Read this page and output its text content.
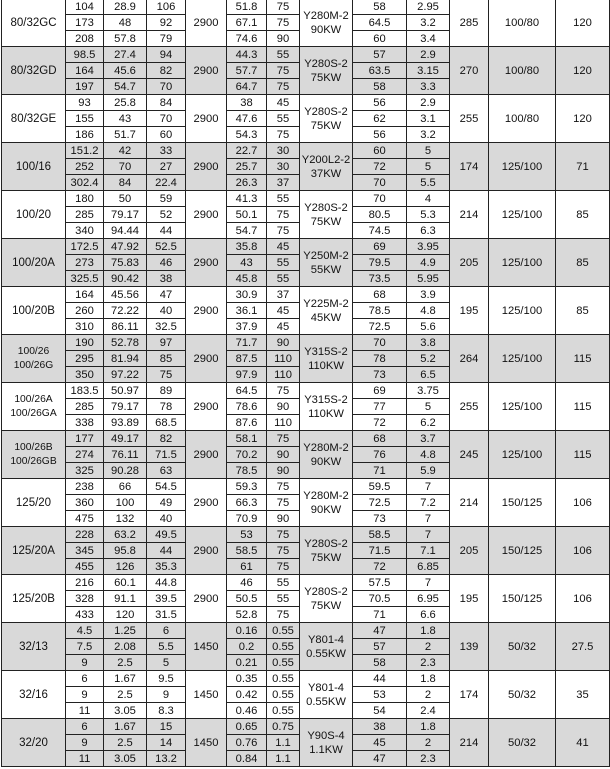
80/32GC	104	28.9	106	2900	51.8	75	Y280M-2 90KW	58	2.95	285	100/80	120
	173	48	92		67.1	75		64.5	3.2			
	208	57.8	79		74.6	90		60	3.4			
80/32GD	98.5	27.4	94	2900	44.3	55	Y280S-2 75KW	57	2.9	270	100/80	120
	164	45.6	82		57.7	75		63.5	3.15			
	197	54.7	70		64.7	75		58	3.3			
80/32GE	93	25.8	84	2900	38	45	Y280S-2 75KW	56	2.9	255	100/80	120
	155	43	70		47.6	55		62	3.1			
	186	51.7	60		54.3	75		56	3.2			
100/16	151.2	42	33	2900	22.7	30	Y200L2-2 37KW	60	5	174	125/100	71
	252	70	27		25.7	30		72	5			
	302.4	84	22.4		26.3	37		70	5.5			
100/20	180	50	59	2900	41.3	55	Y280S-2 75KW	70	4	214	125/100	85
	285	79.17	52		50.1	75		80.5	5.3			
	340	94.44	44		54.7	75		74.5	6.3			
100/20A	172.5	47.92	52.5	2900	35.8	45	Y250M-2 55KW	69	3.95	205	125/100	85
	273	75.83	46		43	55		79.5	4.9			
	325.5	90.42	38		45.8	55		73.5	5.95			
100/20B	164	45.56	47	2900	30.9	37	Y225M-2 45KW	68	3.9	195	125/100	85
	260	72.22	40		36.1	45		78.5	4.8			
	310	86.11	32.5		37.9	45		72.5	5.6			
100/26 100/26G	190	52.78	97	2900	71.7	90	Y315S-2 110KW	70	3.8	264	125/100	115
	295	81.94	85		87.5	110		78	5.2			
	350	97.22	75		97.9	110		73	6.5			
100/26A 100/26GA	183.5	50.97	89	2900	64.5	75	Y315S-2 110KW	69	3.75	255	125/100	115
	285	79.17	78		78.6	90		77	5			
	338	93.89	68.5		87.6	110		72	6.2			
100/26B 100/26GB	177	49.17	82	2900	58.1	75	Y280M-2 90KW	68	3.7	245	125/100	115
	274	76.11	71.5		70.2	90		76	4.8			
	325	90.28	63		78.5	90		71	5.9			
125/20	238	66	54.5	2900	59.3	75	Y280M-2 90KW	59.5	7	214	150/125	106
	360	100	49		66.3	75		72.5	7.2			
	475	132	40		70.9	90		73	7			
125/20A	228	63.2	49.5	2900	53	75	Y280S-2 75KW	58.5	7	205	150/125	106
	345	95.8	44		58.5	75		71.5	7.1			
	455	126	35.3		61	75		72	6.85			
125/20B	216	60.1	44.8	2900	46	55	Y280S-2 75KW	57.5	7	195	150/125	106
	328	91.1	39.5		50.5	55		70.5	6.95			
	433	120	31.5		52.8	75		71	6.6			
32/13	4.5	1.25	6	1450	0.16	0.55	Y801-4 0.55KW	47	1.8	139	50/32	27.5
	7.5	2.08	5.5		0.2	0.55		57	2			
	9	2.5	5		0.21	0.55		58	2.3			
32/16	6	1.67	9.5	1450	0.35	0.55	Y801-4 0.55KW	44	1.8	174	50/32	35
	9	2.5	9		0.42	0.55		53	2			
	11	3.05	8.3		0.46	0.55		54	2.4			
32/20	6	1.67	15	1450	0.65	0.75	Y90S-4 1.1KW	38	1.8	214	50/32	41
	9	2.5	14		0.76	1.1		45	2			
	11	3.05	13.2		0.84	1.1		47	2.3			
